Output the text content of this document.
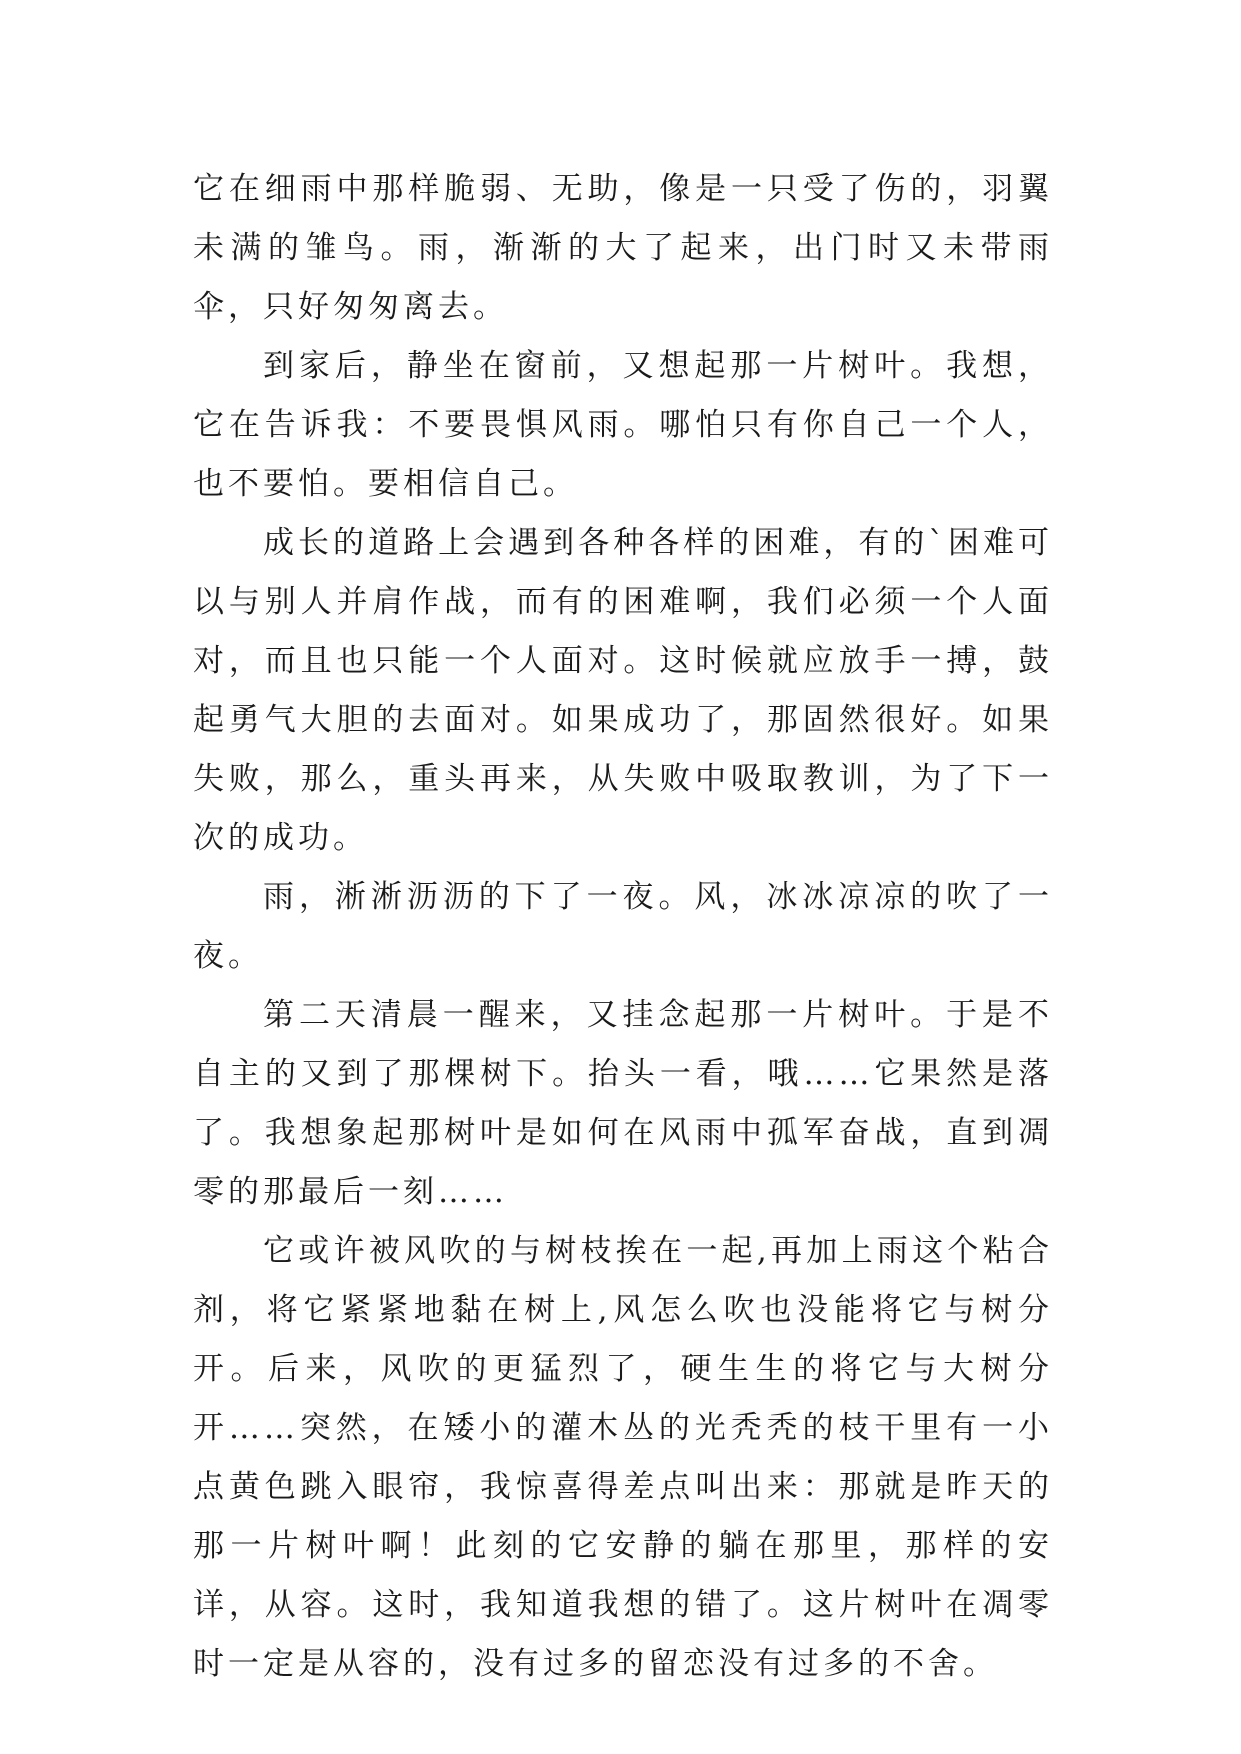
它在细雨中那样脆弱、无助，像是一只受了伤的，羽翼未满的雏鸟。雨，渐渐的大了起来，出门时又未带雨伞，只好匆匆离去。

到家后，静坐在窗前，又想起那一片树叶。我想，它在告诉我：不要畏惧风雨。哪怕只有你自己一个人，也不要怕。要相信自己。

成长的道路上会遇到各种各样的困难，有的`困难可以与别人并肩作战，而有的困难啊，我们必须一个人面对，而且也只能一个人面对。这时候就应放手一搏，鼓起勇气大胆的去面对。如果成功了，那固然很好。如果失败，那么，重头再来，从失败中吸取教训，为了下一次的成功。

雨，淅淅沥沥的下了一夜。风，冰冰凉凉的吹了一夜。

第二天清晨一醒来，又挂念起那一片树叶。于是不自主的又到了那棵树下。抬头一看，哦……它果然是落了。我想象起那树叶是如何在风雨中孤军奋战，直到凋零的那最后一刻……

它或许被风吹的与树枝挨在一起,再加上雨这个粘合剂，将它紧紧地黏在树上,风怎么吹也没能将它与树分开。后来，风吹的更猛烈了，硬生生的将它与大树分开……突然，在矮小的灌木丛的光秃秃的枝干里有一小点黄色跳入眼帘，我惊喜得差点叫出来：那就是昨天的那一片树叶啊！此刻的它安静的躺在那里，那样的安详，从容。这时，我知道我想的错了。这片树叶在凋零时一定是从容的，没有过多的留恋没有过多的不舍。
